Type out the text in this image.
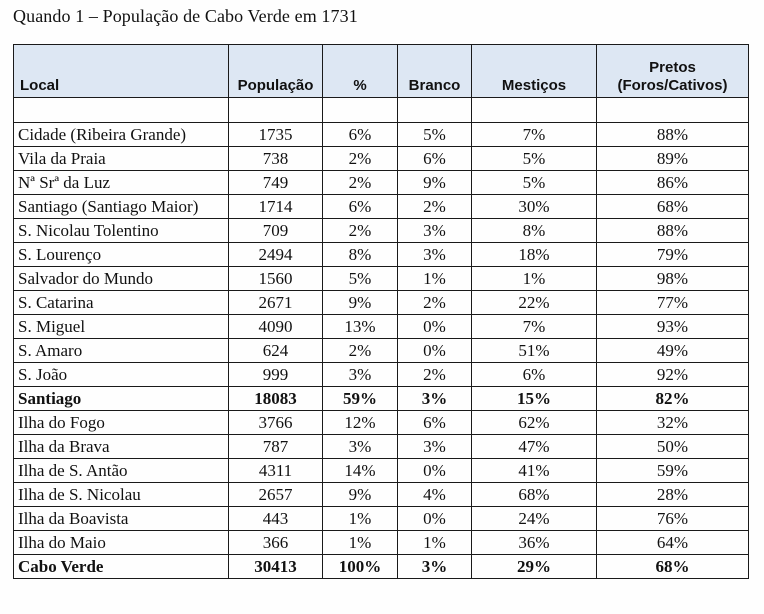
Quando 1 – População de Cabo Verde em 1731
Local	População	%	Branco	Mestiços	Pretos
(Foros/Cativos)

Cidade (Ribeira Grande)	1735	6%	5%	7%	88%
Vila da Praia	738	2%	6%	5%	89%
Nª Srª da Luz	749	2%	9%	5%	86%
Santiago (Santiago Maior)	1714	6%	2%	30%	68%
S. Nicolau Tolentino	709	2%	3%	8%	88%
S. Lourenço	2494	8%	3%	18%	79%
Salvador do Mundo	1560	5%	1%	1%	98%
S. Catarina	2671	9%	2%	22%	77%
S. Miguel	4090	13%	0%	7%	93%
S. Amaro	624	2%	0%	51%	49%
S. João	999	3%	2%	6%	92%
Santiago	18083	59%	3%	15%	82%
Ilha do Fogo	3766	12%	6%	62%	32%
Ilha da Brava	787	3%	3%	47%	50%
Ilha de S. Antão	4311	14%	0%	41%	59%
Ilha de S. Nicolau	2657	9%	4%	68%	28%
Ilha da Boavista	443	1%	0%	24%	76%
Ilha do Maio	366	1%	1%	36%	64%
Cabo Verde	30413	100%	3%	29%	68%
